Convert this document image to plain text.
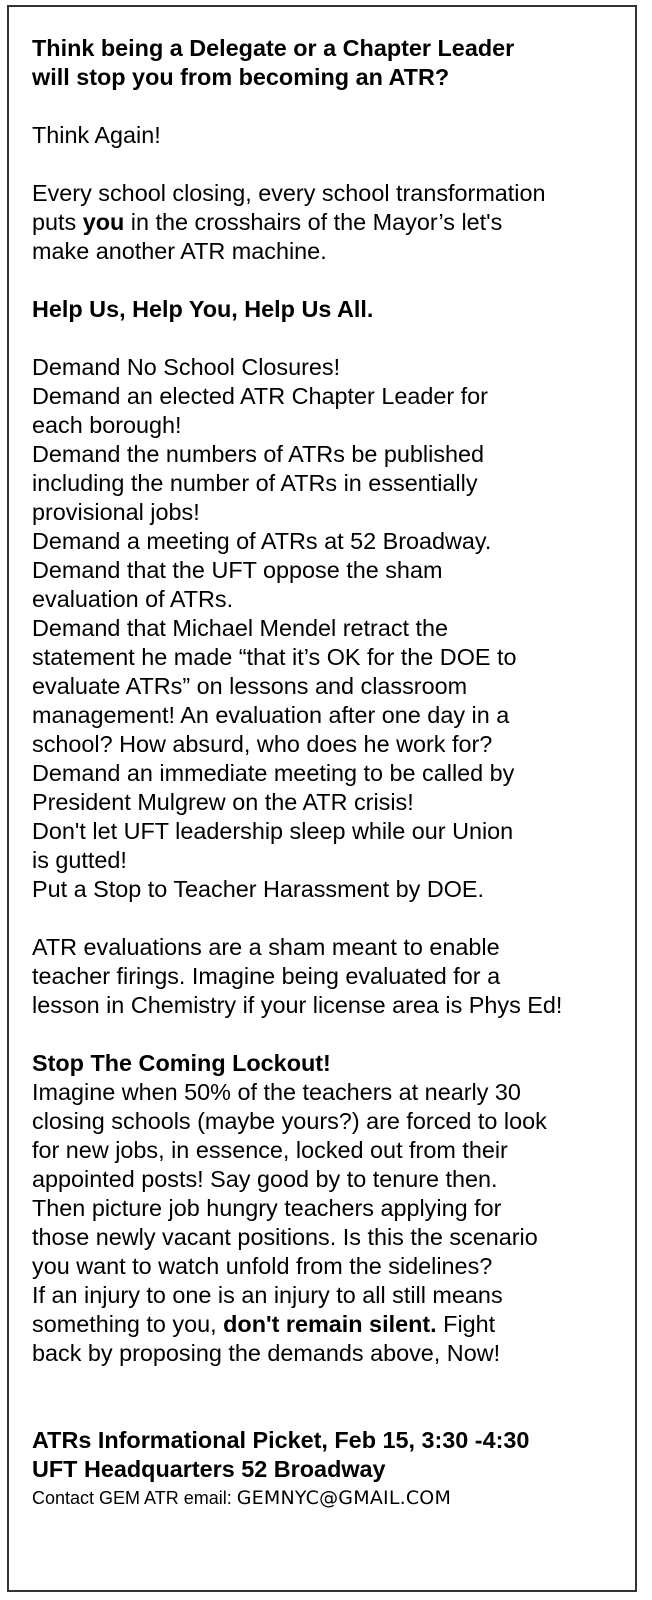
Think being a Delegate or a Chapter Leader

will stop you from becoming an ATR?

Think Again!

Every school closing, every school transformation

puts you in the crosshairs of the Mayor’s let's

make another ATR machine.

Help Us, Help You, Help Us All.

Demand No School Closures!

Demand an elected ATR Chapter Leader for

each borough!

Demand the numbers of ATRs be published

including the number of ATRs in essentially

provisional jobs!

Demand a meeting of ATRs at 52 Broadway.

Demand that the UFT oppose the sham

evaluation of ATRs.

Demand that Michael Mendel retract the

statement he made “that it’s OK for the DOE to

evaluate ATRs” on lessons and classroom

management! An evaluation after one day in a

school? How absurd, who does he work for?

Demand an immediate meeting to be called by

President Mulgrew on the ATR crisis!

Don't let UFT leadership sleep while our Union

is gutted!

Put a Stop to Teacher Harassment by DOE.

ATR evaluations are a sham meant to enable

teacher firings. Imagine being evaluated for a

lesson in Chemistry if your license area is Phys Ed!

Stop The Coming Lockout!

Imagine when 50% of the teachers at nearly 30

closing schools (maybe yours?) are forced to look

for new jobs, in essence, locked out from their

appointed posts! Say good by to tenure then.

Then picture job hungry teachers applying for

those newly vacant positions. Is this the scenario

you want to watch unfold from the sidelines?

If an injury to one is an injury to all still means

something to you, don't remain silent. Fight

back by proposing the demands above, Now!

ATRs Informational Picket, Feb 15, 3:30 -4:30

UFT Headquarters 52 Broadway

Contact GEM ATR email: GEMNYC@GMAIL.COM
